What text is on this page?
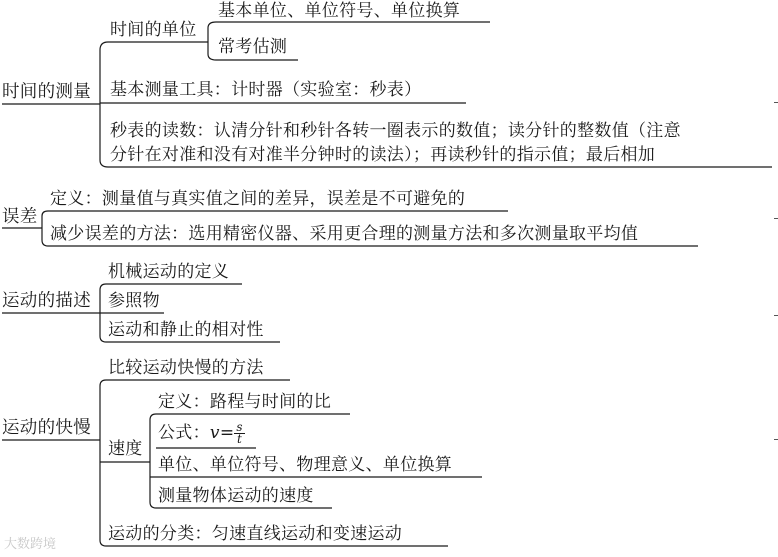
时间的测量
时间的单位
基本单位、单位符号、单位换算
常考估测
基本测量工具：计时器（实验室：秒表）
秒表的读数：认清分针和秒针各转一圈表示的数值；读分针的整数值（注意
分针在对准和没有对准半分钟时的读法）；再读秒针的指示值；最后相加
误差
定义：测量值与真实值之间的差异，误差是不可避免的
减少误差的方法：选用精密仪器、采用更合理的测量方法和多次测量取平均值
运动的描述
机械运动的定义
参照物
运动和静止的相对性
运动的快慢
比较运动快慢的方法
速度
定义：路程与时间的比
公式：$v= \frac{s}{t}$
单位、单位符号、物理意义、单位换算
测量物体运动的速度
运动的分类：匀速直线运动和变速运动
大数跨境
